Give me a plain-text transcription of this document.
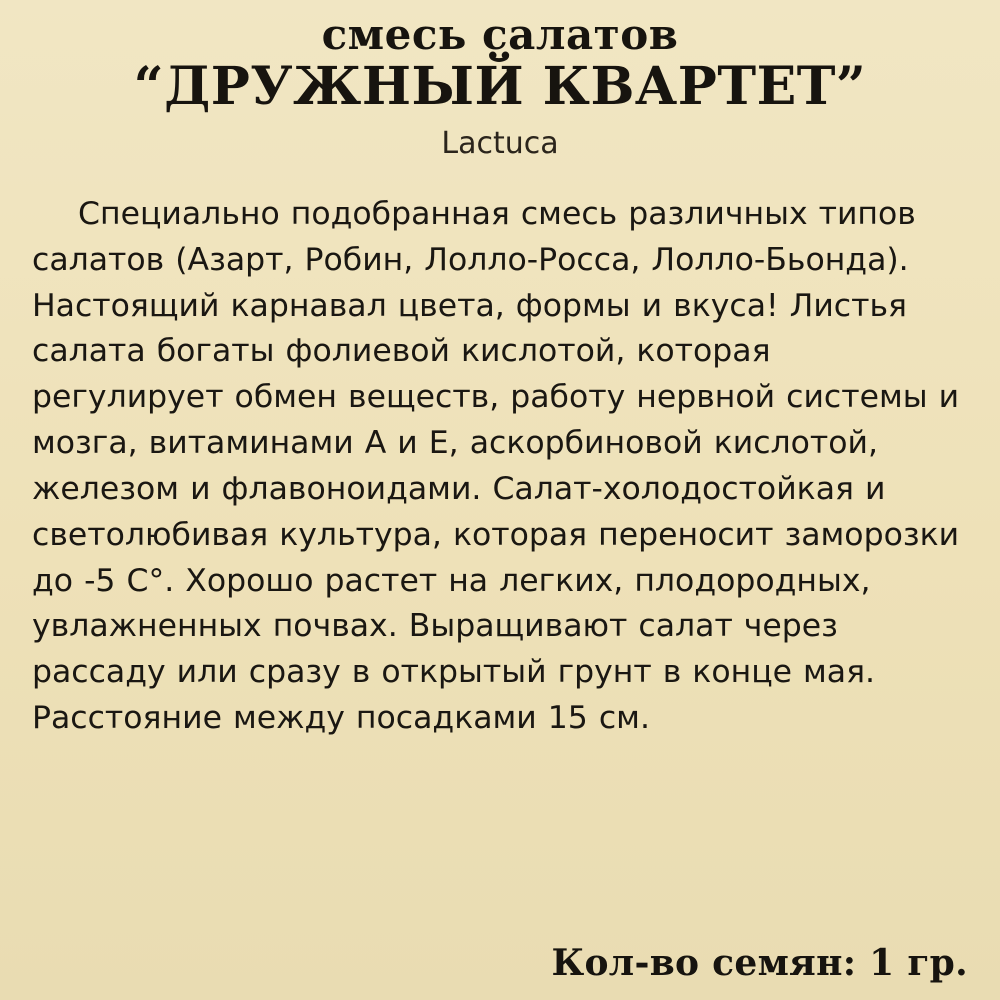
смесь салатов
“ДРУЖНЫЙ КВАРТЕТ”
Lactuca
Специально подобранная смесь различных типов салатов (Азарт, Робин, Лолло-Росса, Лолло-Бьонда). Настоящий карнавал цвета, формы и вкуса! Листья салата богаты фолиевой кислотой, которая регулирует обмен веществ, работу нервной системы и мозга, витаминами А и Е, аскорбиновой кислотой, железом и флавоноидами. Салат-холодостойкая и светолюбивая культура, которая переносит заморозки до -5 С°. Хорошо растет на легких, плодородных, увлажненных почвах. Выращивают салат через рассаду или сразу в открытый грунт в конце мая. Расстояние между посадками 15 см.
Кол-во семян: 1 гр.
